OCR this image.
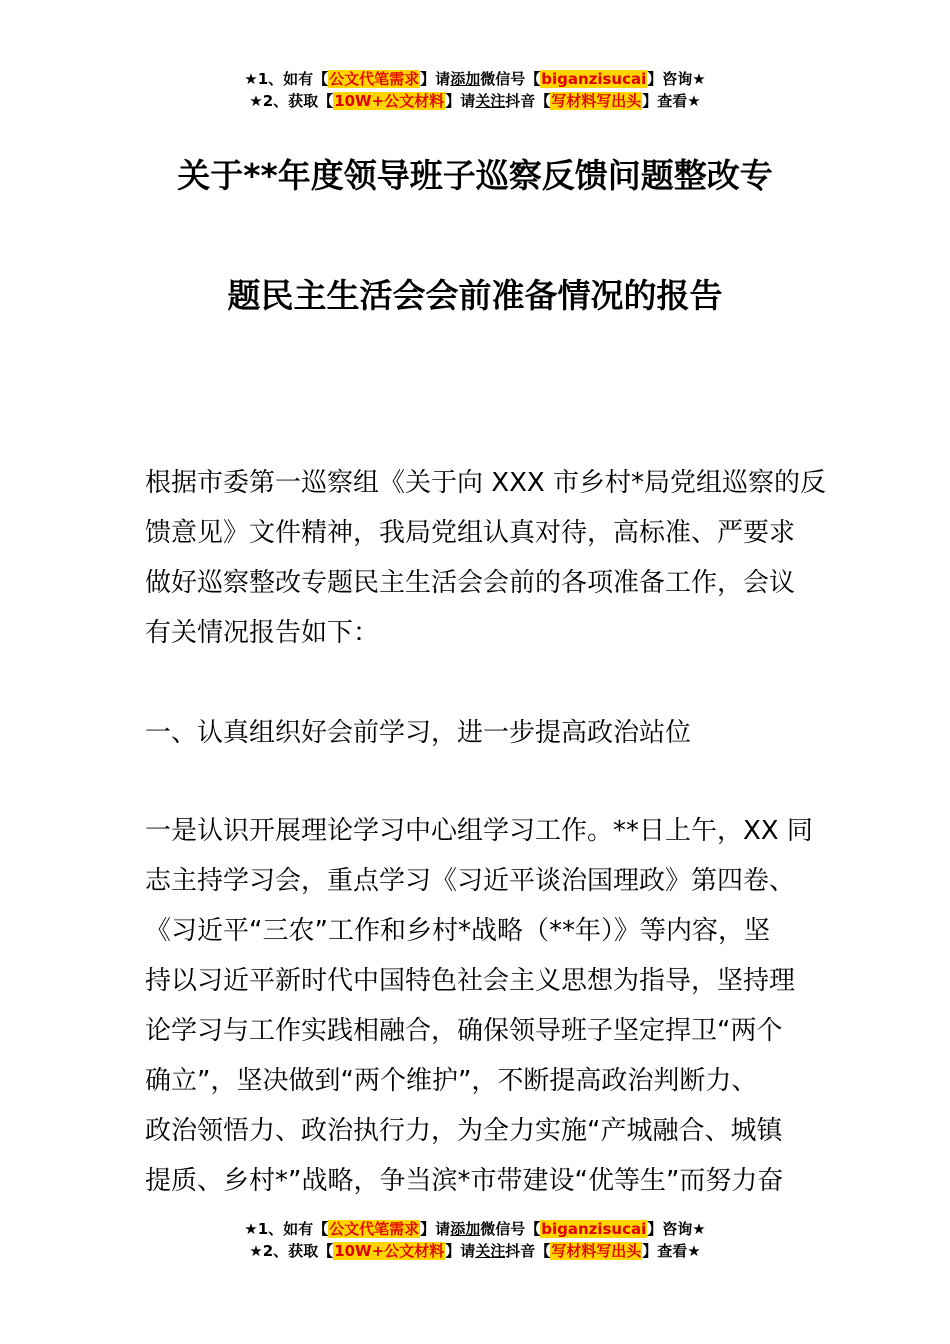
★1、如有【公文代笔需求】请添加微信号【biganzisucai】咨询★
★2、获取【10W+公文材料】请关注抖音【写材料写出头】查看★
关于**年度领导班子巡察反馈问题整改专
题民主生活会会前准备情况的报告
根据市委第一巡察组《关于向 XXX 市乡村*局党组巡察的反
馈意见》文件精神，我局党组认真对待，高标准、严要求
做好巡察整改专题民主生活会会前的各项准备工作，会议
有关情况报告如下：
一、认真组织好会前学习，进一步提高政治站位
一是认识开展理论学习中心组学习工作。**日上午，XX 同
志主持学习会，重点学习《习近平谈治国理政》第四卷、
《习近平“三农”工作和乡村*战略（**年）》等内容，坚
持以习近平新时代中国特色社会主义思想为指导，坚持理
论学习与工作实践相融合，确保领导班子坚定捍卫“两个
确立”，坚决做到“两个维护”，不断提高政治判断力、
政治领悟力、政治执行力，为全力实施“产城融合、城镇
提质、乡村*”战略，争当滨*市带建设“优等生”而努力奋
★1、如有【公文代笔需求】请添加微信号【biganzisucai】咨询★
★2、获取【10W+公文材料】请关注抖音【写材料写出头】查看★
